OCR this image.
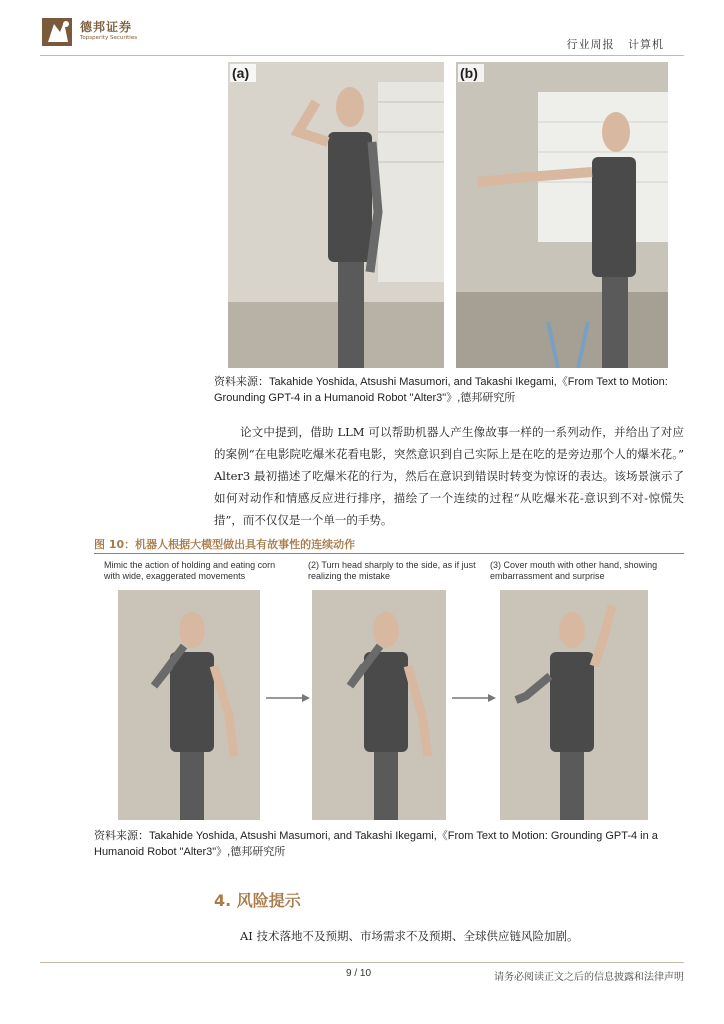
德邦证券
Topsperity Securities	行业周报 计算机
(a)	(b)
资料来源：Takahide Yoshida, Atsushi Masumori, and Takashi Ikegami,《From Text to Motion: Grounding GPT-4 in a Humanoid Robot "Alter3"》,德邦研究所

论文中提到，借助 LLM 可以帮助机器人产生像故事一样的一系列动作，并给出了对应的案例“在电影院吃爆米花看电影，突然意识到自己实际上是在吃的是旁边那个人的爆米花。” Alter3 最初描述了吃爆米花的行为，然后在意识到错误时转变为惊讶的表达。该场景演示了如何对动作和情感反应进行排序，描绘了一个连续的过程“从吃爆米花-意识到不对-惊慌失措”，而不仅仅是一个单一的手势。

图 10：机器人根据大模型做出具有故事性的连续动作
Mimic the action of holding and eating corn with wide, exaggerated movements
(2) Turn head sharply to the side, as if just realizing the mistake
(3) Cover mouth with other hand, showing embarrassment and surprise
资料来源：Takahide Yoshida, Atsushi Masumori, and Takashi Ikegami,《From Text to Motion: Grounding GPT-4 in a Humanoid Robot "Alter3"》,德邦研究所
4. 风险提示
AI 技术落地不及预期、市场需求不及预期、全球供应链风险加剧。
9 / 10	请务必阅读正文之后的信息披露和法律声明
